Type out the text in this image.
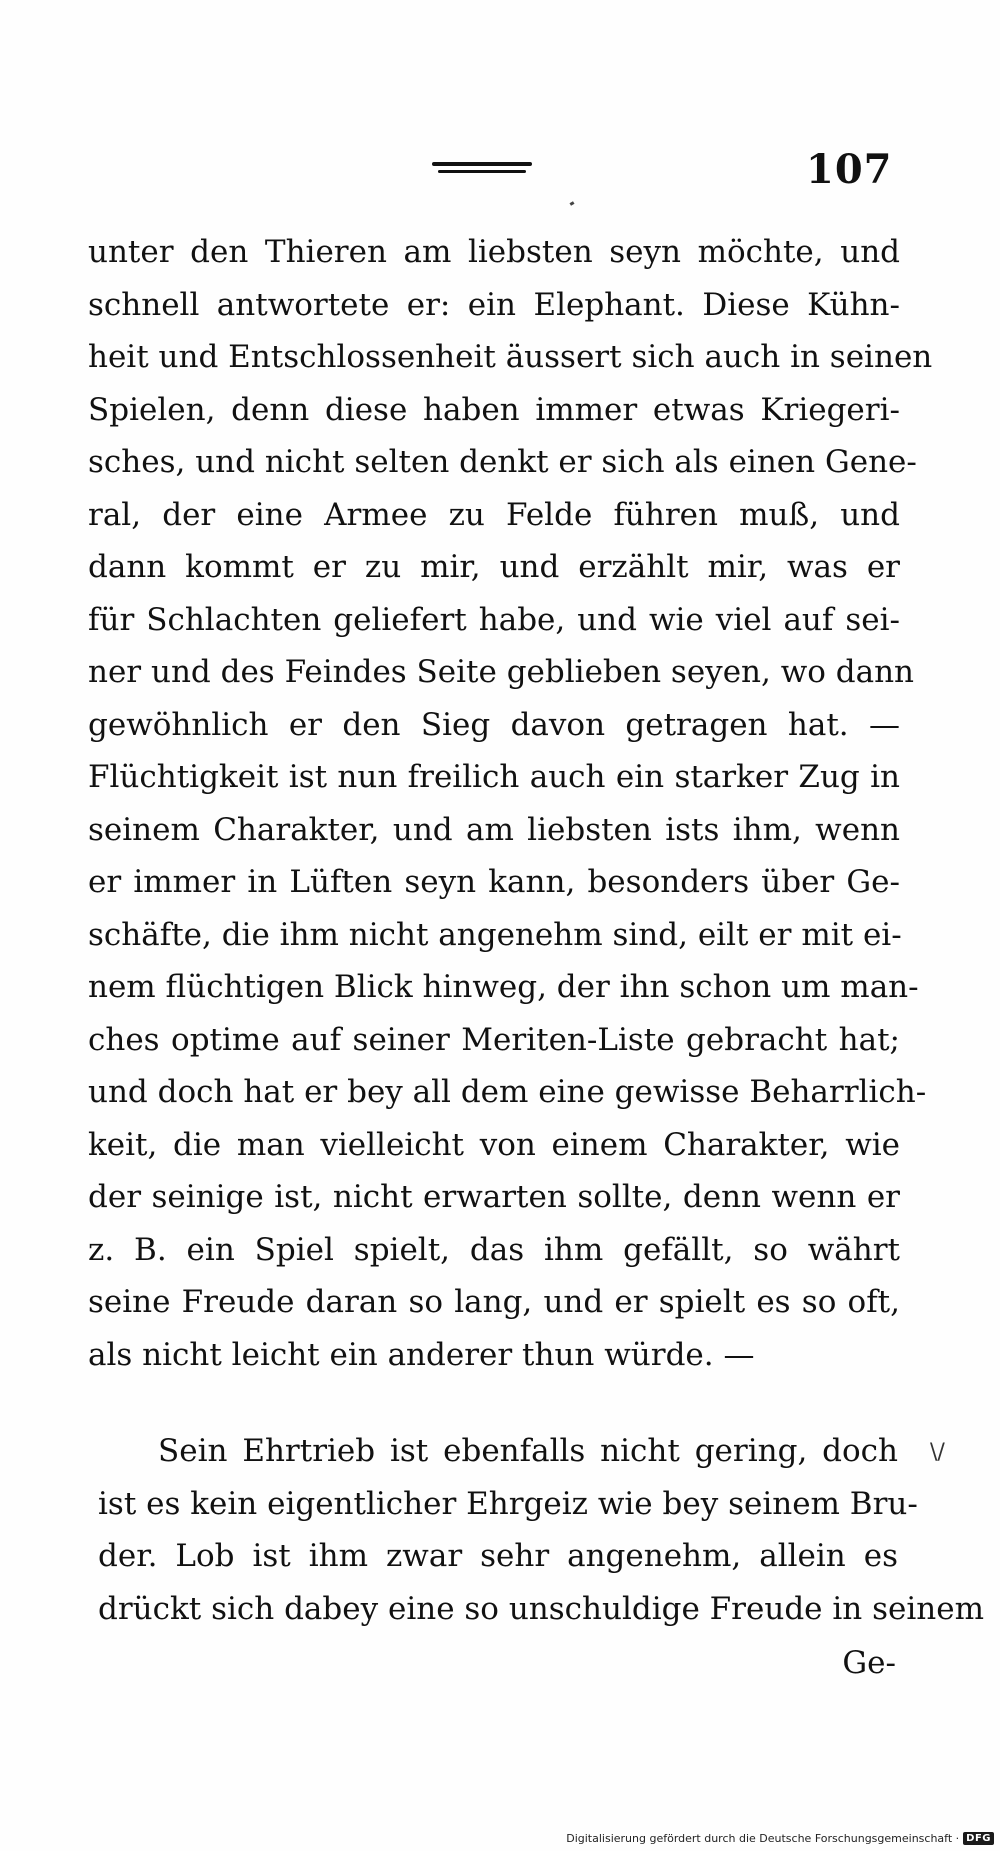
107
unter den Thieren am liebsten seyn möchte, und
schnell antwortete er: ein Elephant. Diese Kühn-
heit und Entschlossenheit äussert sich auch in seinen
Spielen, denn diese haben immer etwas Kriegeri-
sches, und nicht selten denkt er sich als einen Gene-
ral, der eine Armee zu Felde führen muß, und
dann kommt er zu mir, und erzählt mir, was er
für Schlachten geliefert habe, und wie viel auf sei-
ner und des Feindes Seite geblieben seyen, wo dann
gewöhnlich er den Sieg davon getragen hat. —
Flüchtigkeit ist nun freilich auch ein starker Zug in
seinem Charakter, und am liebsten ists ihm, wenn
er immer in Lüften seyn kann, besonders über Ge-
schäfte, die ihm nicht angenehm sind, eilt er mit ei-
nem flüchtigen Blick hinweg, der ihn schon um man-
ches optime auf seiner Meriten-Liste gebracht hat;
und doch hat er bey all dem eine gewisse Beharrlich-
keit, die man vielleicht von einem Charakter, wie
der seinige ist, nicht erwarten sollte, denn wenn er
z. B. ein Spiel spielt, das ihm gefällt, so währt
seine Freude daran so lang, und er spielt es so oft,
als nicht leicht ein anderer thun würde. —
Sein Ehrtrieb ist ebenfalls nicht gering, doch
ist es kein eigentlicher Ehrgeiz wie bey seinem Bru-
der. Lob ist ihm zwar sehr angenehm, allein es
drückt sich dabey eine so unschuldige Freude in seinem
\/
Ge-
Digitalisierung gefördert durch die Deutsche Forschungsgemeinschaft · DFG
